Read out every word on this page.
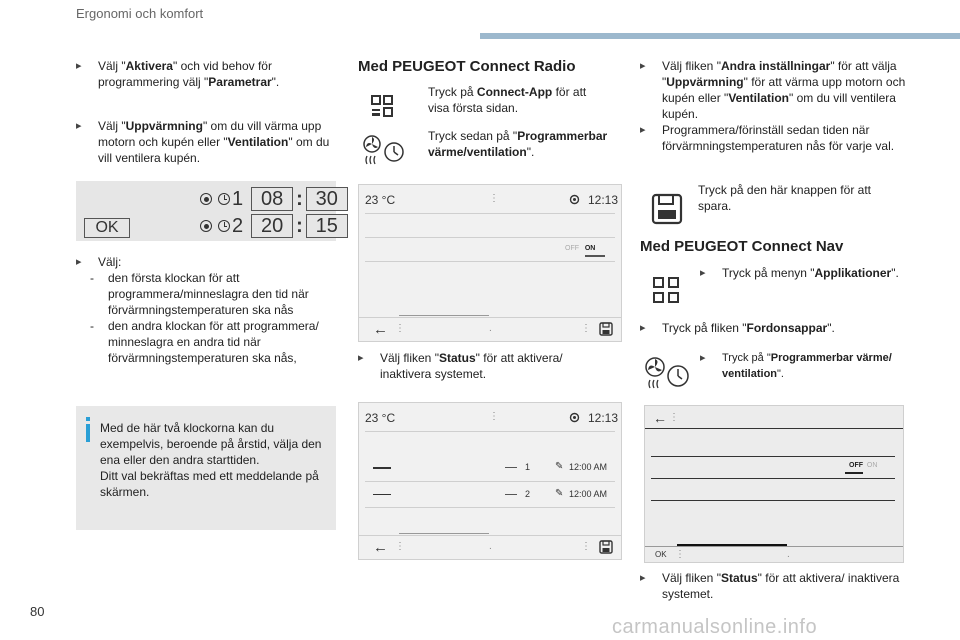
Ergonomi och komfort
▸	Välj "Aktivera" och vid behov för programmering välj "Parametrar".
▸	Välj "Uppvärmning" om du vill värma upp motorn och kupén eller "Ventilation" om du vill ventilera kupén.
1 08 : 30
2 20 : 15
OK
▸	Välj:
- den första klockan för att programmera/minneslagra den tid när förvärmningstemperaturen ska nås
- den andra klockan för att programmera/ minneslagra en andra tid när förvärmningstemperaturen ska nås,
Med de här två klockorna kan du exempelvis, beroende på årstid, välja den ena eller den andra starttiden.
Ditt val bekräftas med ett meddelande på skärmen.
Med PEUGEOT Connect Radio
Tryck på Connect-App för att visa första sidan.
Tryck sedan på "Programmerbar värme/ventilation".
23 °C	⋮	12:13
OFF ON
← ⋮	.	⋮
▸	Välj fliken "Status" för att aktivera/ inaktivera systemet.
23 °C	⋮	12:13
1 ✎ 12:00 AM
2 ✎ 12:00 AM
← ⋮	.	⋮
▸	Välj fliken "Andra inställningar" för att välja "Uppvärmning" för att värma upp motorn och kupén eller "Ventilation" om du vill ventilera kupén.
▸	Programmera/förinställ sedan tiden när förvärmningstemperaturen nås för varje val.
Tryck på den här knappen för att spara.
Med PEUGEOT Connect Nav
▸	Tryck på menyn "Applikationer".
▸	Tryck på fliken "Fordonsappar".
▸	Tryck på "Programmerbar värme/ ventilation".
← ⋮
OFF ON
OK ⋮	.
▸	Välj fliken "Status" för att aktivera/ inaktivera systemet.
80
carmanualsonline.info
